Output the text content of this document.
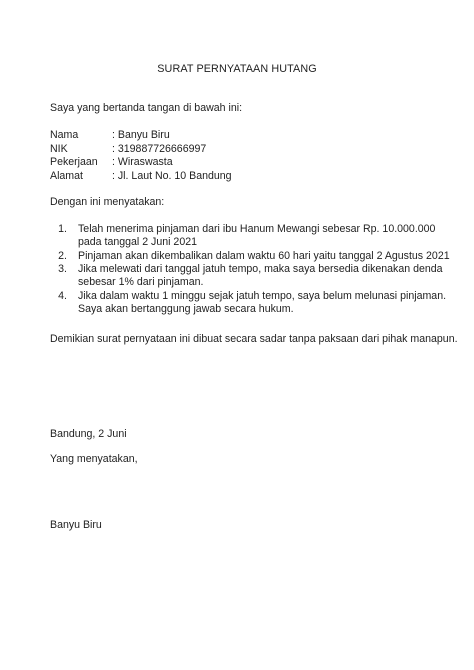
SURAT PERNYATAAN HUTANG
Saya yang bertanda tangan di bawah ini:
Nama	: Banyu Biru
NIK	: 319887726666997
Pekerjaan	: Wiraswasta
Alamat	: Jl. Laut No. 10 Bandung
Dengan ini menyatakan:
1.	Telah menerima pinjaman dari ibu Hanum Mewangi sebesar Rp. 10.000.000
pada tanggal 2 Juni 2021
2.	Pinjaman akan dikembalikan dalam waktu 60 hari yaitu tanggal 2 Agustus 2021
3.	Jika melewati dari tanggal jatuh tempo, maka saya bersedia dikenakan denda
sebesar 1% dari pinjaman.
4.	Jika dalam waktu 1 minggu sejak jatuh tempo, saya belum melunasi pinjaman.
Saya akan bertanggung jawab secara hukum.
Demikian surat pernyataan ini dibuat secara sadar tanpa paksaan dari pihak manapun.
Bandung, 2 Juni
Yang menyatakan,
Banyu Biru
